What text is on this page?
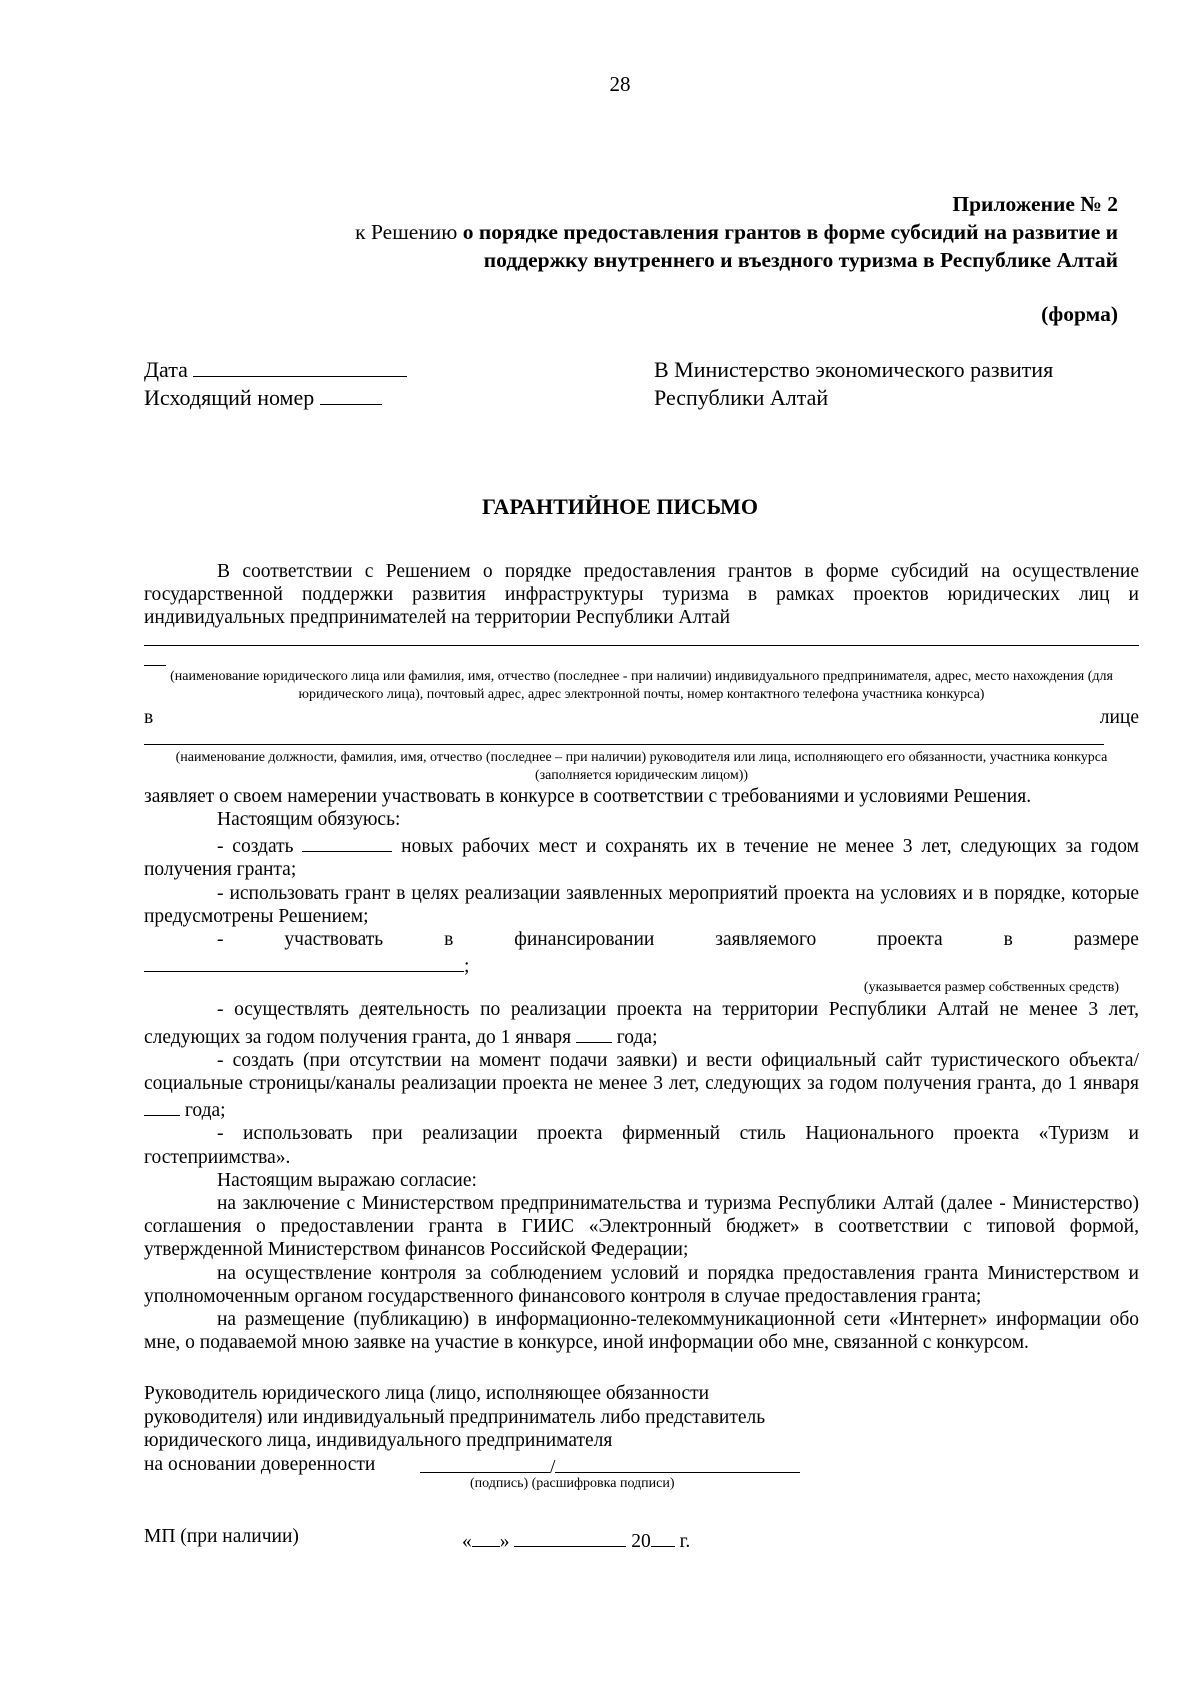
28
Приложение № 2
к Решению о порядке предоставления грантов в форме субсидий на развитие и
поддержку внутреннего и въездного туризма в Республике Алтай
(форма)
Дата
Исходящий номер
В Министерство экономического развития
Республики Алтай
ГАРАНТИЙНОЕ ПИСЬМО
В соответствии с Решением о порядке предоставления грантов в форме субсидий на осуществление государственной поддержки развития инфраструктуры туризма в рамках проектов юридических лиц и индивидуальных предпринимателей на территории Республики Алтай
(наименование юридического лица или фамилия, имя, отчество (последнее - при наличии) индивидуального предпринимателя, адрес, место нахождения (для юридического лица), почтовый адрес, адрес электронной почты, номер контактного телефона участника конкурса)
в	лице
(наименование должности, фамилия, имя, отчество (последнее – при наличии) руководителя или лица, исполняющего его обязанности, участника конкурса (заполняется юридическим лицом))
заявляет о своем намерении участвовать в конкурсе в соответствии с требованиями и условиями Решения.
Настоящим обязуюсь:
- создать	новых рабочих мест и сохранять их в течение не менее 3 лет, следующих за годом получения гранта;
- использовать грант в целях реализации заявленных мероприятий проекта на условиях и в порядке, которые предусмотрены Решением;
-	участвовать	в	финансировании	заявляемого	проекта	в	размере
;
(указывается размер собственных средств)
- осуществлять деятельность по реализации проекта на территории Республики Алтай не менее 3 лет, следующих за годом получения гранта, до 1 января года;
- создать (при отсутствии на момент подачи заявки) и вести официальный сайт туристического объекта/социальные строницы/каналы реализации проекта не менее 3 лет, следующих за годом получения гранта, до 1 января  года;
- использовать при реализации проекта фирменный стиль Национального проекта «Туризм и гостеприимства».
Настоящим выражаю согласие:
на заключение с Министерством предпринимательства и туризма Республики Алтай (далее - Министерство) соглашения о предоставлении гранта в ГИИС «Электронный бюджет» в соответствии с типовой формой, утвержденной Министерством финансов Российской Федерации;
на осуществление контроля за соблюдением условий и порядка предоставления гранта Министерством и уполномоченным органом государственного финансового контроля в случае предоставления гранта;
на размещение (публикацию) в информационно-телекоммуникационной сети «Интернет» информации обо мне, о подаваемой мною заявке на участие в конкурсе, иной информации обо мне, связанной с конкурсом.
Руководитель юридического лица (лицо, исполняющее обязанности
руководителя) или индивидуальный предприниматель либо представитель
юридического лица, индивидуального предпринимателя
на основании доверенности	/
(подпись) (расшифровка подписи)
МП (при наличии)	« »	20 г.
